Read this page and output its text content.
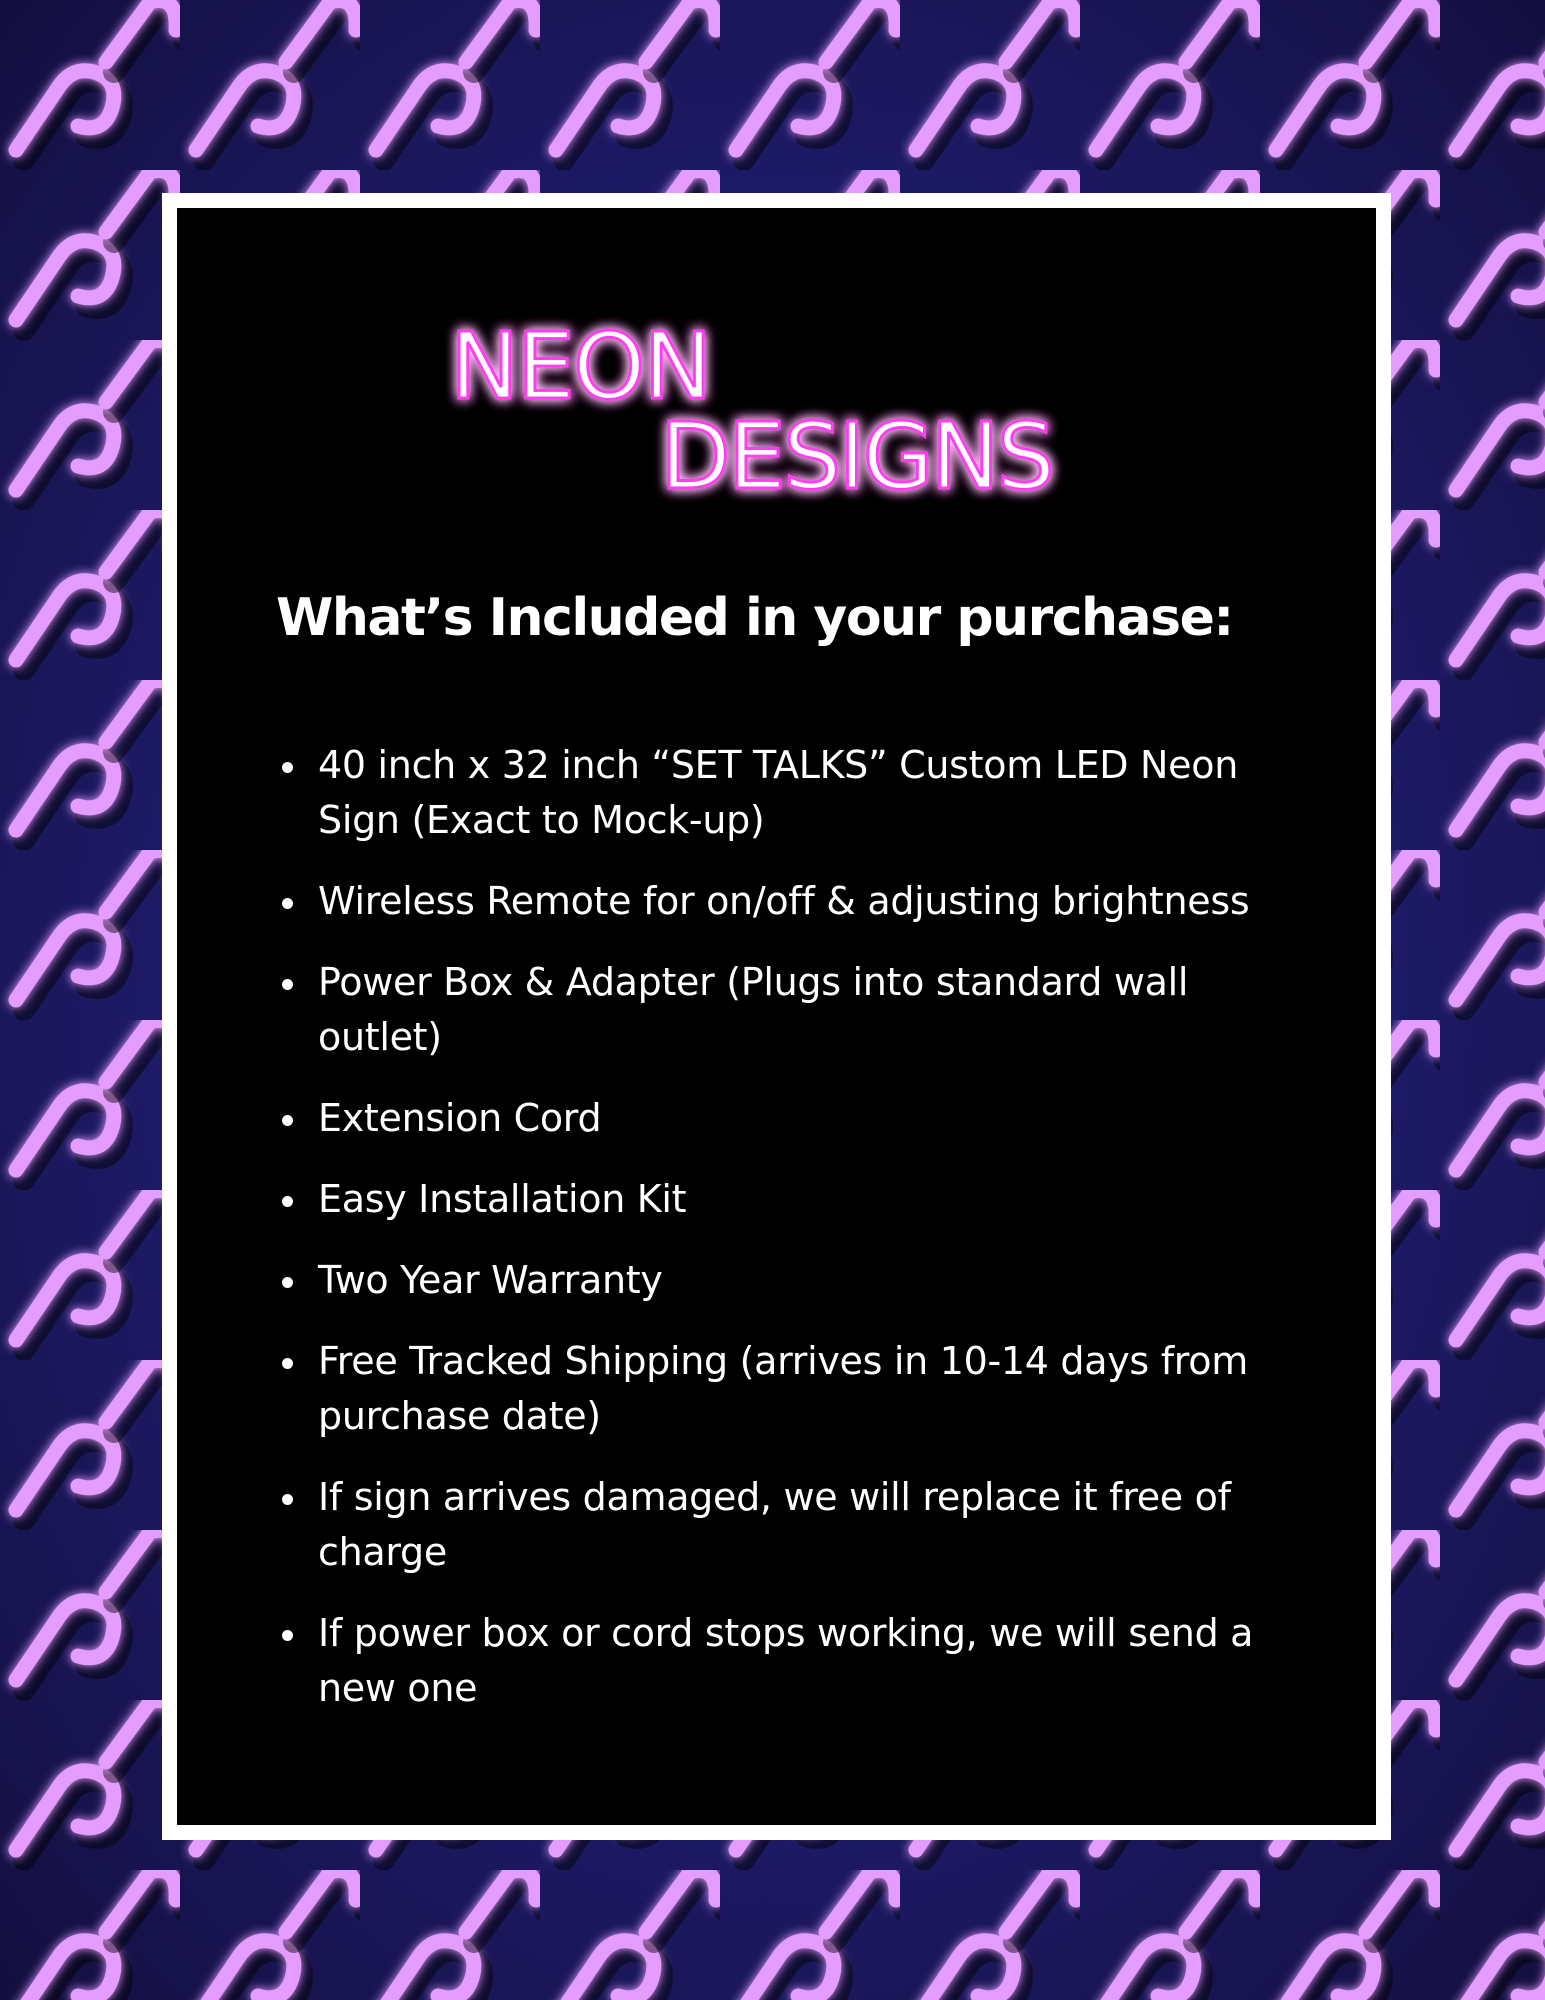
NEON
DESIGNS
What’s Included in your purchase:
40 inch x 32 inch “SET TALKS” Custom LED Neon Sign (Exact to Mock-up)
Wireless Remote for on/off & adjusting brightness
Power Box & Adapter (Plugs into standard wall outlet)
Extension Cord
Easy Installation Kit
Two Year Warranty
Free Tracked Shipping (arrives in 10-14 days from purchase date)
If sign arrives damaged, we will replace it free of charge
If power box or cord stops working, we will send a new one
